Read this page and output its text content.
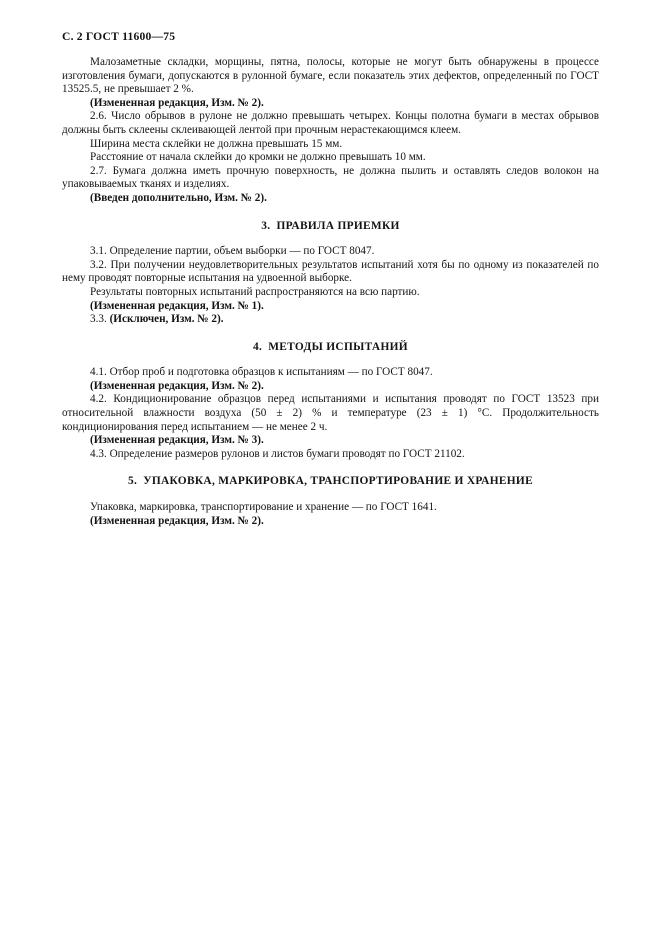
С. 2 ГОСТ 11600—75

Малозаметные складки, морщины, пятна, полосы, которые не могут быть обнаружены в процессе изготовления бумаги, допускаются в рулонной бумаге, если показатель этих дефектов, определенный по ГОСТ 13525.5, не превышает 2 %.

(Измененная редакция, Изм. № 2).

2.6. Число обрывов в рулоне не должно превышать четырех. Концы полотна бумаги в местах обрывов должны быть склеены склеивающей лентой при прочным нерастекающимся клеем.

Ширина места склейки не должна превышать 15 мм.

Расстояние от начала склейки до кромки не должно превышать 10 мм.

2.7. Бумага должна иметь прочную поверхность, не должна пылить и оставлять следов волокон на упаковываемых тканях и изделиях.

(Введен дополнительно, Изм. № 2).

3. ПРАВИЛА ПРИЕМКИ

3.1. Определение партии, объем выборки — по ГОСТ 8047.

3.2. При получении неудовлетворительных результатов испытаний хотя бы по одному из показателей по нему проводят повторные испытания на удвоенной выборке.

Результаты повторных испытаний распространяются на всю партию.

(Измененная редакция, Изм. № 1).

3.3. (Исключен, Изм. № 2).

4. МЕТОДЫ ИСПЫТАНИЙ

4.1. Отбор проб и подготовка образцов к испытаниям — по ГОСТ 8047.

(Измененная редакция, Изм. № 2).

4.2. Кондиционирование образцов перед испытаниями и испытания проводят по ГОСТ 13523 при относительной влажности воздуха (50 ± 2) % и температуре (23 ± 1) °С. Продолжительность кондиционирования перед испытанием — не менее 2 ч.

(Измененная редакция, Изм. № 3).

4.3. Определение размеров рулонов и листов бумаги проводят по ГОСТ 21102.

5. УПАКОВКА, МАРКИРОВКА, ТРАНСПОРТИРОВАНИЕ И ХРАНЕНИЕ

Упаковка, маркировка, транспортирование и хранение — по ГОСТ 1641.

(Измененная редакция, Изм. № 2).
